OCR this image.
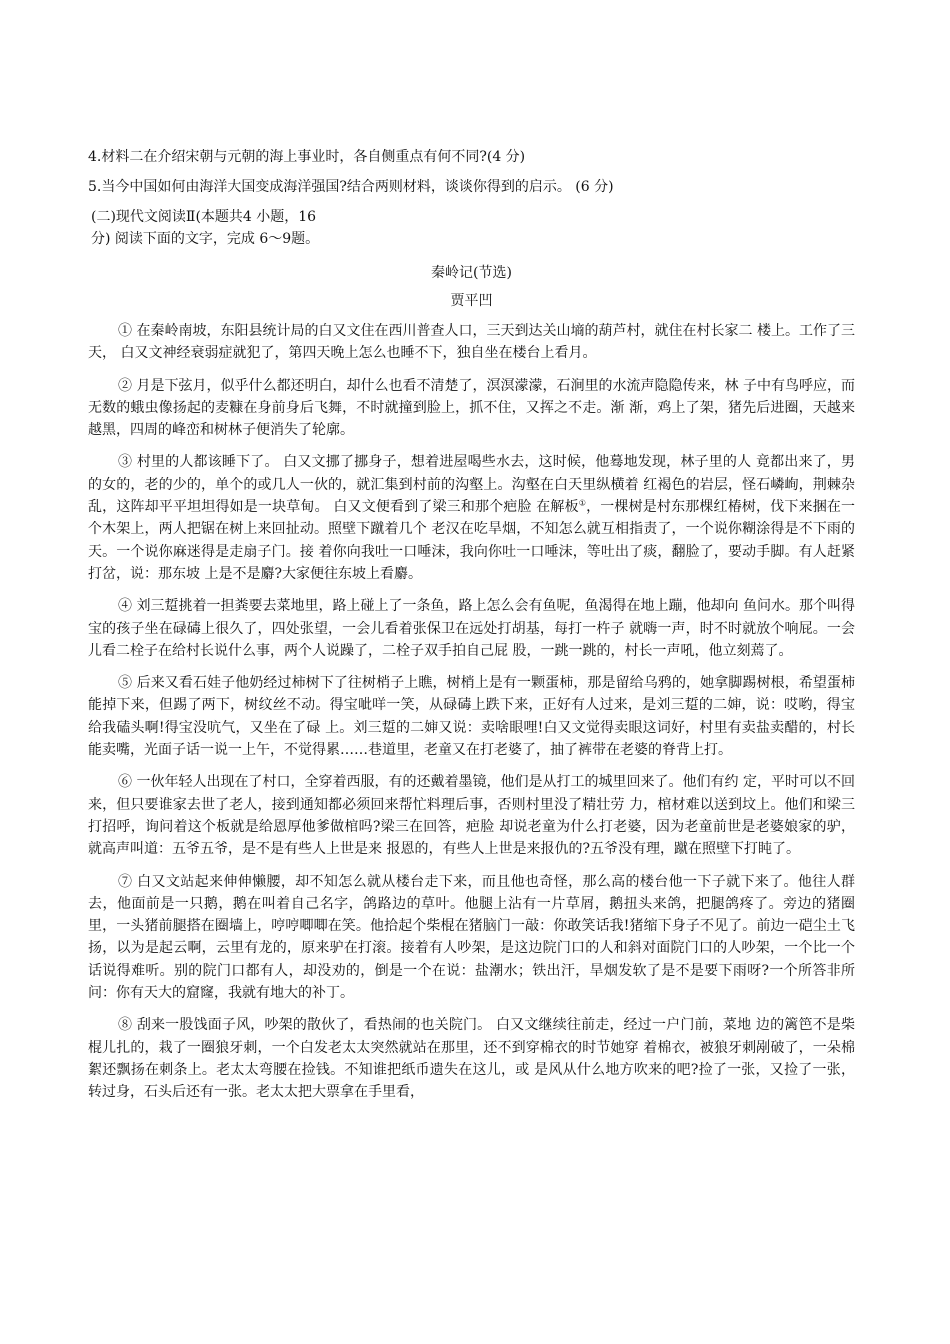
4.材料二在介绍宋朝与元朝的海上事业时，各自侧重点有何不同?(4 分)

5.当今中国如何由海洋大国变成海洋强国?结合两则材料，谈谈你得到的启示。 (6 分)

(二)现代文阅读Ⅱ(本题共4 小题，16
分) 阅读下面的文字，完成 6～9题。
秦岭记(节选)
贾平凹

① 在秦岭南坡，东阳县统计局的白又文住在西川普查人口，三天到达关山墒的葫芦村，就住在村长家二 楼上。工作了三天， 白又文神经衰弱症就犯了，第四天晚上怎么也睡不下，独自坐在楼台上看月。

② 月是下弦月，似乎什么都还明白，却什么也看不清楚了，溟溟濛濛，石涧里的水流声隐隐传来，林 子中有鸟呼应，而无数的蛾虫像扬起的麦糠在身前身后飞舞，不时就撞到脸上，抓不住，又挥之不走。渐 渐，鸡上了架，猪先后进圈，天越来越黑，四周的峰峦和树林子便消失了轮廓。

③ 村里的人都该睡下了。 白又文挪了挪身子，想着进屋喝些水去，这时候，他蓦地发现，林子里的人 竟都出来了，男的女的，老的少的，单个的或几人一伙的，就汇集到村前的沟壑上。沟壑在白天里纵横着 红褐色的岩层，怪石嶙峋，荆棘杂乱，这阵却平平坦坦得如是一块草甸。 白又文便看到了梁三和那个疤脸 在解板①，一棵树是村东那棵红椿树，伐下来捆在一个木架上，两人把锯在树上来回扯动。照壁下蹴着几个 老汉在吃旱烟，不知怎么就互相指责了，一个说你糊涂得是不下雨的天。一个说你麻迷得是走扇子门。接 着你向我吐一口唾沫，我向你吐一口唾沫，等吐出了痰，翻脸了，要动手脚。有人赶紧打岔，说：那东坡 上是不是麝?大家便往东坡上看麝。

④ 刘三踅挑着一担粪要去菜地里，路上碰上了一条鱼，路上怎么会有鱼呢，鱼渴得在地上蹦，他却向 鱼问水。那个叫得宝的孩子坐在碌碡上很久了，四处张望，一会儿看着张保卫在远处打胡基，每打一杵子 就嗨一声，时不时就放个响屁。一会儿看二栓子在给村长说什么事，两个人说躁了，二栓子双手拍自己屁 股，一跳一跳的，村长一声吼，他立刻蔫了。

⑤ 后来又看石娃子他奶经过柿树下了往树梢子上瞧，树梢上是有一颗蛋柿，那是留给乌鸦的，她拿脚踢树根，希望蛋柿能掉下来，但踢了两下，树纹丝不动。得宝呲咩一笑，从碌碡上跌下来，正好有人过来，是刘三踅的二婶，说：哎哟，得宝给我磕头啊!得宝没吭气，又坐在了碌 上。刘三踅的二婶又说：卖啥眼哩!白又文觉得卖眼这词好，村里有卖盐卖醋的，村长能卖嘴，光面子话一说一上午，不觉得累……巷道里，老童又在打老婆了，抽了裤带在老婆的脊背上打。

⑥ 一伙年轻人出现在了村口，全穿着西服，有的还戴着墨镜，他们是从打工的城里回来了。他们有约 定，平时可以不回来，但只要谁家去世了老人，接到通知都必须回来帮忙料理后事，否则村里没了精壮劳 力，棺材难以送到坟上。他们和梁三打招呼，询问着这个板就是给恩厚他爹做棺吗?梁三在回答，疤脸 却说老童为什么打老婆，因为老童前世是老婆娘家的驴，就高声叫道：五爷五爷，是不是有些人上世是来 报恩的，有些人上世是来报仇的?五爷没有理，蹴在照壁下打盹了。

⑦ 白又文站起来伸伸懒腰，却不知怎么就从楼台走下来，而且他也奇怪，那么高的楼台他一下子就下来了。他往人群去，他面前是一只鹅，鹅在叫着自己名字，鸽路边的草叶。他腿上沾有一片草屑，鹅扭头来鸽，把腿鸽疼了。旁边的猪圈里，一头猪前腿搭在圈墙上，哼哼唧唧在笑。他拾起个柴棍在猪脑门一敲：你敢笑话我!猪缩下身子不见了。前边一硙尘土飞扬，以为是起云啊，云里有龙的，原来驴在打滚。接着有人吵架，是这边院门口的人和斜对面院门口的人吵架，一个比一个话说得难听。别的院门口都有人，却没劝的，倒是一个在说：盐潮水；铁出汗，旱烟发软了是不是要下雨呀?一个所答非所问：你有天大的窟窿，我就有地大的补丁。

⑧ 刮来一股饯面子风，吵架的散伙了，看热闹的也关院门。 白又文继续往前走，经过一户门前，菜地 边的篱笆不是柴棍儿扎的，栽了一圈狼牙刺，一个白发老太太突然就站在那里，还不到穿棉衣的时节她穿 着棉衣，被狼牙刺剐破了，一朵棉絮还飘扬在刺条上。老太太弯腰在捡钱。不知谁把纸币遗失在这儿，或 是风从什么地方吹来的吧?捡了一张，又捡了一张，转过身，石头后还有一张。老太太把大票拿在手里看，
